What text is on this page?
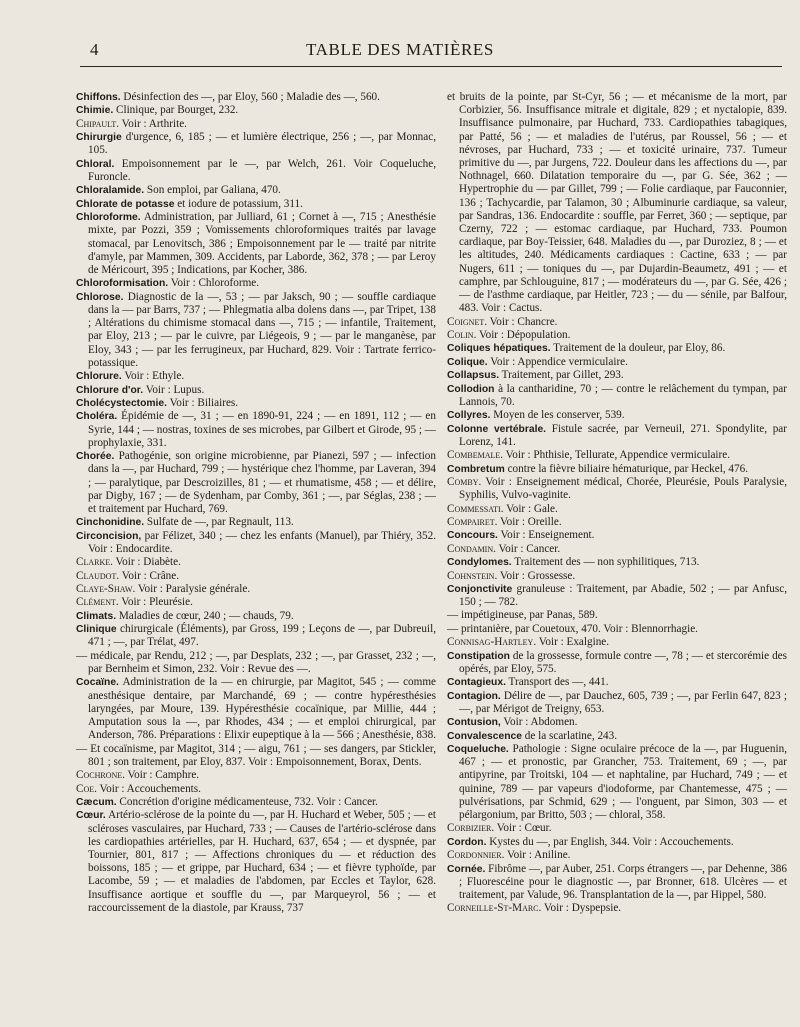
4	TABLE DES MATIÈRES

Chiffons. Désinfection des —, par Eloy, 560 ; Maladie des —, 560.

Chimie. Clinique, par Bourget, 232.

Chipault. Voir : Arthrite.

Chirurgie d'urgence, 6, 185 ; — et lumière électrique, 256 ; —, par Monnac, 105.

Chloral. Empoisonnement par le —, par Welch, 261. Voir Coqueluche, Furoncle.

Chloralamide. Son emploi, par Galiana, 470.

Chlorate de potasse et iodure de potassium, 311.

Chloroforme. Administration, par Julliard, 61 ; Cornet à —, 715 ; Anesthésie mixte, par Pozzi, 359 ; Vomissements chloroformiques traités par lavage stomacal, par Lenovitsch, 386 ; Empoisonnement par le — traité par nitrite d'amyle, par Mammen, 309. Accidents, par Laborde, 362, 378 ; — par Leroy de Méricourt, 395 ; Indications, par Kocher, 386.

Chloroformisation. Voir : Chloroforme.

Chlorose. Diagnostic de la —, 53 ; — par Jaksch, 90 ; — souffle cardiaque dans la — par Barrs, 737 ; — Phlegmatia alba dolens dans —, par Tripet, 138 ; Altérations du chimisme stomacal dans —, 715 ; — infantile, Traitement, par Eloy, 213 ; — par le cuivre, par Liégeois, 9 ; — par le manganèse, par Eloy, 343 ; — par les ferrugineux, par Huchard, 829. Voir : Tartrate ferrico-potassique.

Chlorure. Voir : Ethyle.

Chlorure d'or. Voir : Lupus.

Cholécystectomie. Voir : Biliaires.

Choléra. Épidémie de —, 31 ; — en 1890-91, 224 ; — en 1891, 112 ; — en Syrie, 144 ; — nostras, toxines de ses microbes, par Gilbert et Girode, 95 ; — prophylaxie, 331.

Chorée. Pathogénie, son origine microbienne, par Pianezi, 597 ; — infection dans la —, par Huchard, 799 ; — hystérique chez l'homme, par Laveran, 394 ; — paralytique, par Descroizilles, 81 ; — et rhumatisme, 458 ; — et délire, par Digby, 167 ; — de Sydenham, par Comby, 361 ; —, par Séglas, 238 ; — et traitement par Huchard, 769.

Cinchonidine. Sulfate de —, par Regnault, 113.

Circoncision, par Félizet, 340 ; — chez les enfants (Manuel), par Thiéry, 352. Voir : Endocardite.

Clarke. Voir : Diabète.

Claudot. Voir : Crâne.

Claye-Shaw. Voir : Paralysie générale.

Clément. Voir : Pleurésie.

Climats. Maladies de cœur, 240 ; — chauds, 79.

Clinique chirurgicale (Éléments), par Gross, 199 ; Leçons de —, par Dubreuil, 471 ; —, par Trélat, 497.

— médicale, par Rendu, 212 ; —, par Desplats, 232 ; —, par Grasset, 232 ; —, par Bernheim et Simon, 232. Voir : Revue des —.

Cocaïne. Administration de la — en chirurgie, par Magitot, 545 ; — comme anesthésique dentaire, par Marchandé, 69 ; — contre hypéresthésies laryngées, par Moure, 139. Hypéresthésie cocaïnique, par Millie, 444 ; Amputation sous la —, par Rhodes, 434 ; — et emploi chirurgical, par Anderson, 786. Préparations : Elixir eupeptique à la — 566 ; Anesthésie, 838.

— Et cocaïnisme, par Magitot, 314 ; — aigu, 761 ; — ses dangers, par Stickler, 801 ; son traitement, par Eloy, 837. Voir : Empoisonnement, Borax, Dents.

Cochrone. Voir : Camphre.

Coe. Voir : Accouchements.

Cæcum. Concrétion d'origine médicamenteuse, 732. Voir : Cancer.

Cœur. Artério-sclérose de la pointe du —, par H. Huchard et Weber, 505 ; — et scléroses vasculaires, par Huchard, 733 ; — Causes de l'artério-sclérose dans les cardiopathies artérielles, par H. Huchard, 637, 654 ; — et dyspnée, par Tournier, 801, 817 ; — Affections chroniques du — et réduction des boissons, 185 ; — et grippe, par Huchard, 634 ; — et fièvre typhoïde, par Lacombe, 59 ; — et maladies de l'abdomen, par Eccles et Taylor, 628. Insuffisance aortique et souffle du —, par Marqueyrol, 56 ; — et raccourcissement de la diastole, par Krauss, 737

et bruits de la pointe, par St-Cyr, 56 ; — et mécanisme de la mort, par Corbizier, 56. Insuffisance mitrale et digitale, 829 ; et nyctalopie, 839. Insuffisance pulmonaire, par Huchard, 733. Cardiopathies tabagiques, par Patté, 56 ; — et maladies de l'utérus, par Roussel, 56 ; — et névroses, par Huchard, 733 ; — et toxicité urinaire, 737. Tumeur primitive du —, par Jurgens, 722. Douleur dans les affections du —, par Nothnagel, 660. Dilatation temporaire du —, par G. Sée, 362 ; — Hypertrophie du — par Gillet, 799 ; — Folie cardiaque, par Fauconnier, 136 ; Tachycardie, par Talamon, 30 ; Albuminurie cardiaque, sa valeur, par Sandras, 136. Endocardite : souffle, par Ferret, 360 ; — septique, par Czerny, 722 ; — estomac cardiaque, par Huchard, 733. Poumon cardiaque, par Boy-Teissier, 648. Maladies du —, par Duroziez, 8 ; — et les altitudes, 240. Médicaments cardiaques : Cactine, 633 ; — par Nugers, 611 ; — toniques du —, par Dujardin-Beaumetz, 491 ; — et camphre, par Schlouguine, 817 ; — modérateurs du —, par G. Sée, 426 ; — de l'asthme cardiaque, par Heitler, 723 ; — du — sénile, par Balfour, 483. Voir : Cactus.

Coignet. Voir : Chancre.

Colin. Voir : Dépopulation.

Coliques hépatiques. Traitement de la douleur, par Eloy, 86.

Colique. Voir : Appendice vermiculaire.

Collapsus. Traitement, par Gillet, 293.

Collodion à la cantharidine, 70 ; — contre le relâchement du tympan, par Lannois, 70.

Collyres. Moyen de les conserver, 539.

Colonne vertébrale. Fistule sacrée, par Verneuil, 271. Spondylite, par Lorenz, 141.

Combemale. Voir : Phthisie, Tellurate, Appendice vermiculaire.

Combretum contre la fièvre biliaire hématurique, par Heckel, 476.

Comby. Voir : Enseignement médical, Chorée, Pleurésie, Pouls Paralysie, Syphilis, Vulvo-vaginite.

Commessati. Voir : Gale.

Compairet. Voir : Oreille.

Concours. Voir : Enseignement.

Condamin. Voir : Cancer.

Condylomes. Traitement des — non syphilitiques, 713.

Cohnstein. Voir : Grossesse.

Conjonctivite granuleuse : Traitement, par Abadie, 502 ; — par Anfusc, 150 ; — 782.

— impétigineuse, par Panas, 589.

— printanière, par Couetoux, 470. Voir : Blennorrhagie.

Connisag-Hartley. Voir : Exalgine.

Constipation de la grossesse, formule contre —, 78 ; — et stercorémie des opérés, par Eloy, 575.

Contagieux. Transport des —, 441.

Contagion. Délire de —, par Dauchez, 605, 739 ; —, par Ferlin 647, 823 ; —, par Mérigot de Treigny, 653.

Contusion, Voir : Abdomen.

Convalescence de la scarlatine, 243.

Coqueluche. Pathologie : Signe oculaire précoce de la —, par Huguenin, 467 ; — et pronostic, par Grancher, 753. Traitement, 69 ; —, par antipyrine, par Troitski, 104 — et naphtaline, par Huchard, 749 ; — et quinine, 789 — par vapeurs d'iodoforme, par Chantemesse, 475 ; — pulvérisations, par Schmid, 629 ; — l'onguent, par Simon, 303 — et pélargonium, par Britto, 503 ; — chloral, 358.

Corbizier. Voir : Cœur.

Cordon. Kystes du —, par English, 344. Voir : Accouchements.

Cordonnier. Voir : Aniline.

Cornée. Fibrôme —, par Auber, 251. Corps étrangers —, par Dehenne, 386 ; Fluorescéine pour le diagnostic —, par Bronner, 618. Ulcères — et traitement, par Valude, 96. Transplantation de la —, par Hippel, 580.

Corneille-St-Marc. Voir : Dyspepsie.
